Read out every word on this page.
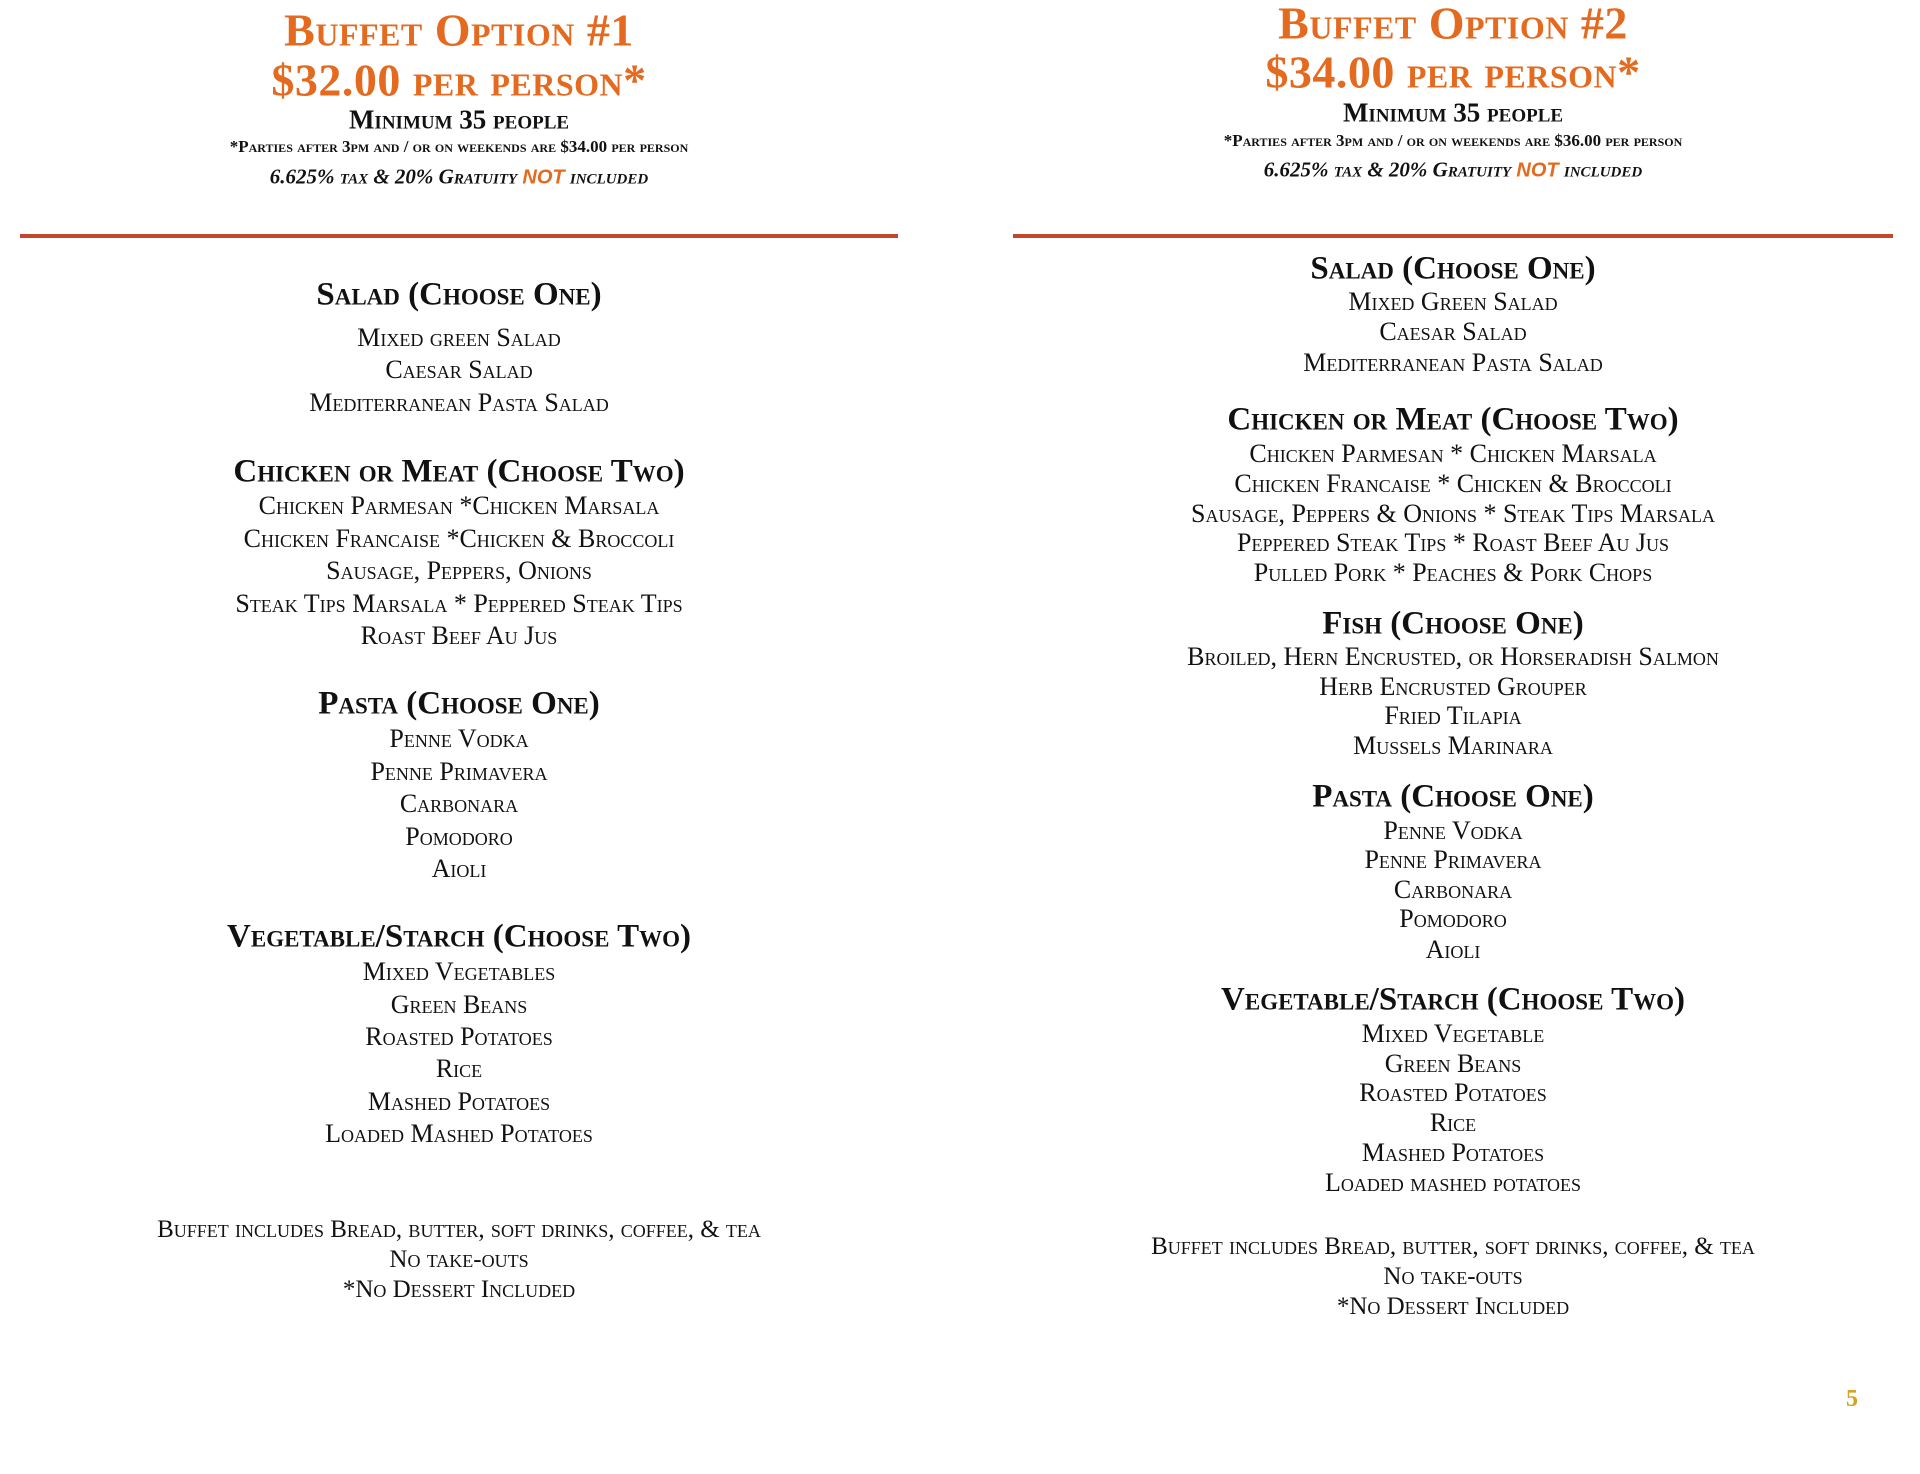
Buffet Option #1
$32.00 per person*
Minimum 35 people
*Parties after 3pm and / or on weekends are $34.00 per person
6.625% tax & 20% Gratuity NOT included
Salad (Choose One)
Mixed green Salad
Caesar Salad
Mediterranean Pasta Salad
Chicken or Meat (Choose Two)
Chicken Parmesan *Chicken Marsala
Chicken Francaise *Chicken & Broccoli
Sausage, Peppers, Onions
Steak Tips Marsala * Peppered Steak Tips
Roast Beef Au Jus
Pasta (Choose One)
Penne Vodka
Penne Primavera
Carbonara
Pomodoro
Aioli
Vegetable/Starch (Choose Two)
Mixed Vegetables
Green Beans
Roasted Potatoes
Rice
Mashed Potatoes
Loaded Mashed Potatoes
Buffet includes Bread, butter, soft drinks, coffee, & tea
No take-outs
*No Dessert Included
Buffet Option #2
$34.00 per person*
Minimum 35 people
*Parties after 3pm and / or on weekends are $36.00 per person
6.625% tax & 20% Gratuity NOT included
Salad (Choose One)
Mixed Green Salad
Caesar Salad
Mediterranean Pasta Salad
Chicken or Meat (Choose Two)
Chicken Parmesan * Chicken Marsala
Chicken Francaise * Chicken & Broccoli
Sausage, Peppers & Onions * Steak Tips Marsala
Peppered Steak Tips * Roast Beef Au Jus
Pulled Pork * Peaches & Pork Chops
Fish (Choose One)
Broiled, Hern Encrusted, or Horseradish Salmon
Herb Encrusted Grouper
Fried Tilapia
Mussels Marinara
Pasta (Choose One)
Penne Vodka
Penne Primavera
Carbonara
Pomodoro
Aioli
Vegetable/Starch (Choose Two)
Mixed Vegetable
Green Beans
Roasted Potatoes
Rice
Mashed Potatoes
Loaded mashed potatoes
Buffet includes Bread, butter, soft drinks, coffee, & tea
No take-outs
*No Dessert Included
5
